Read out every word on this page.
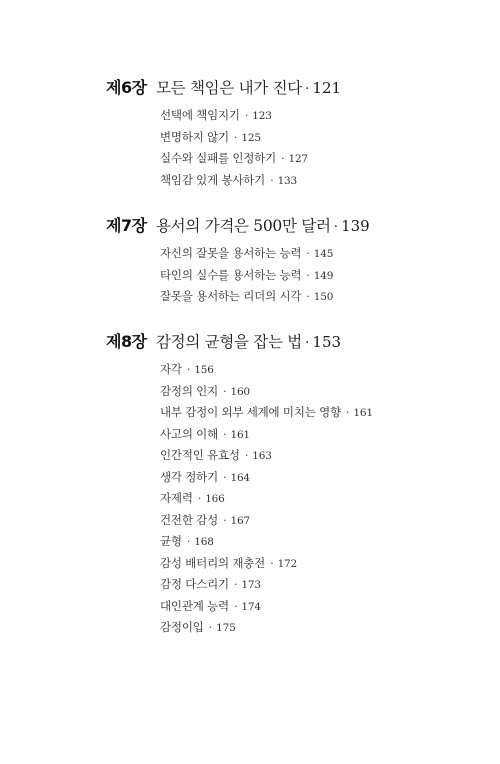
제6장 모든 책임은 내가 진다 · 121
선택에 책임지기 · 123
변명하지 않기 · 125
실수와 실패를 인정하기 · 127
책임감 있게 봉사하기 · 133
제7장 용서의 가격은 500만 달러 · 139
자신의 잘못을 용서하는 능력 · 145
타인의 실수를 용서하는 능력 · 149
잘못을 용서하는 리더의 시각 · 150
제8장 감정의 균형을 잡는 법 · 153
자각 · 156
감정의 인지 · 160
내부 감정이 외부 세계에 미치는 영향 · 161
사고의 이해 · 161
인간적인 유효성 · 163
생각 정하기 · 164
자제력 · 166
건전한 감성 · 167
균형 · 168
감성 배터리의 재충전 · 172
감정 다스리기 · 173
대인관계 능력 · 174
감정이입 · 175
